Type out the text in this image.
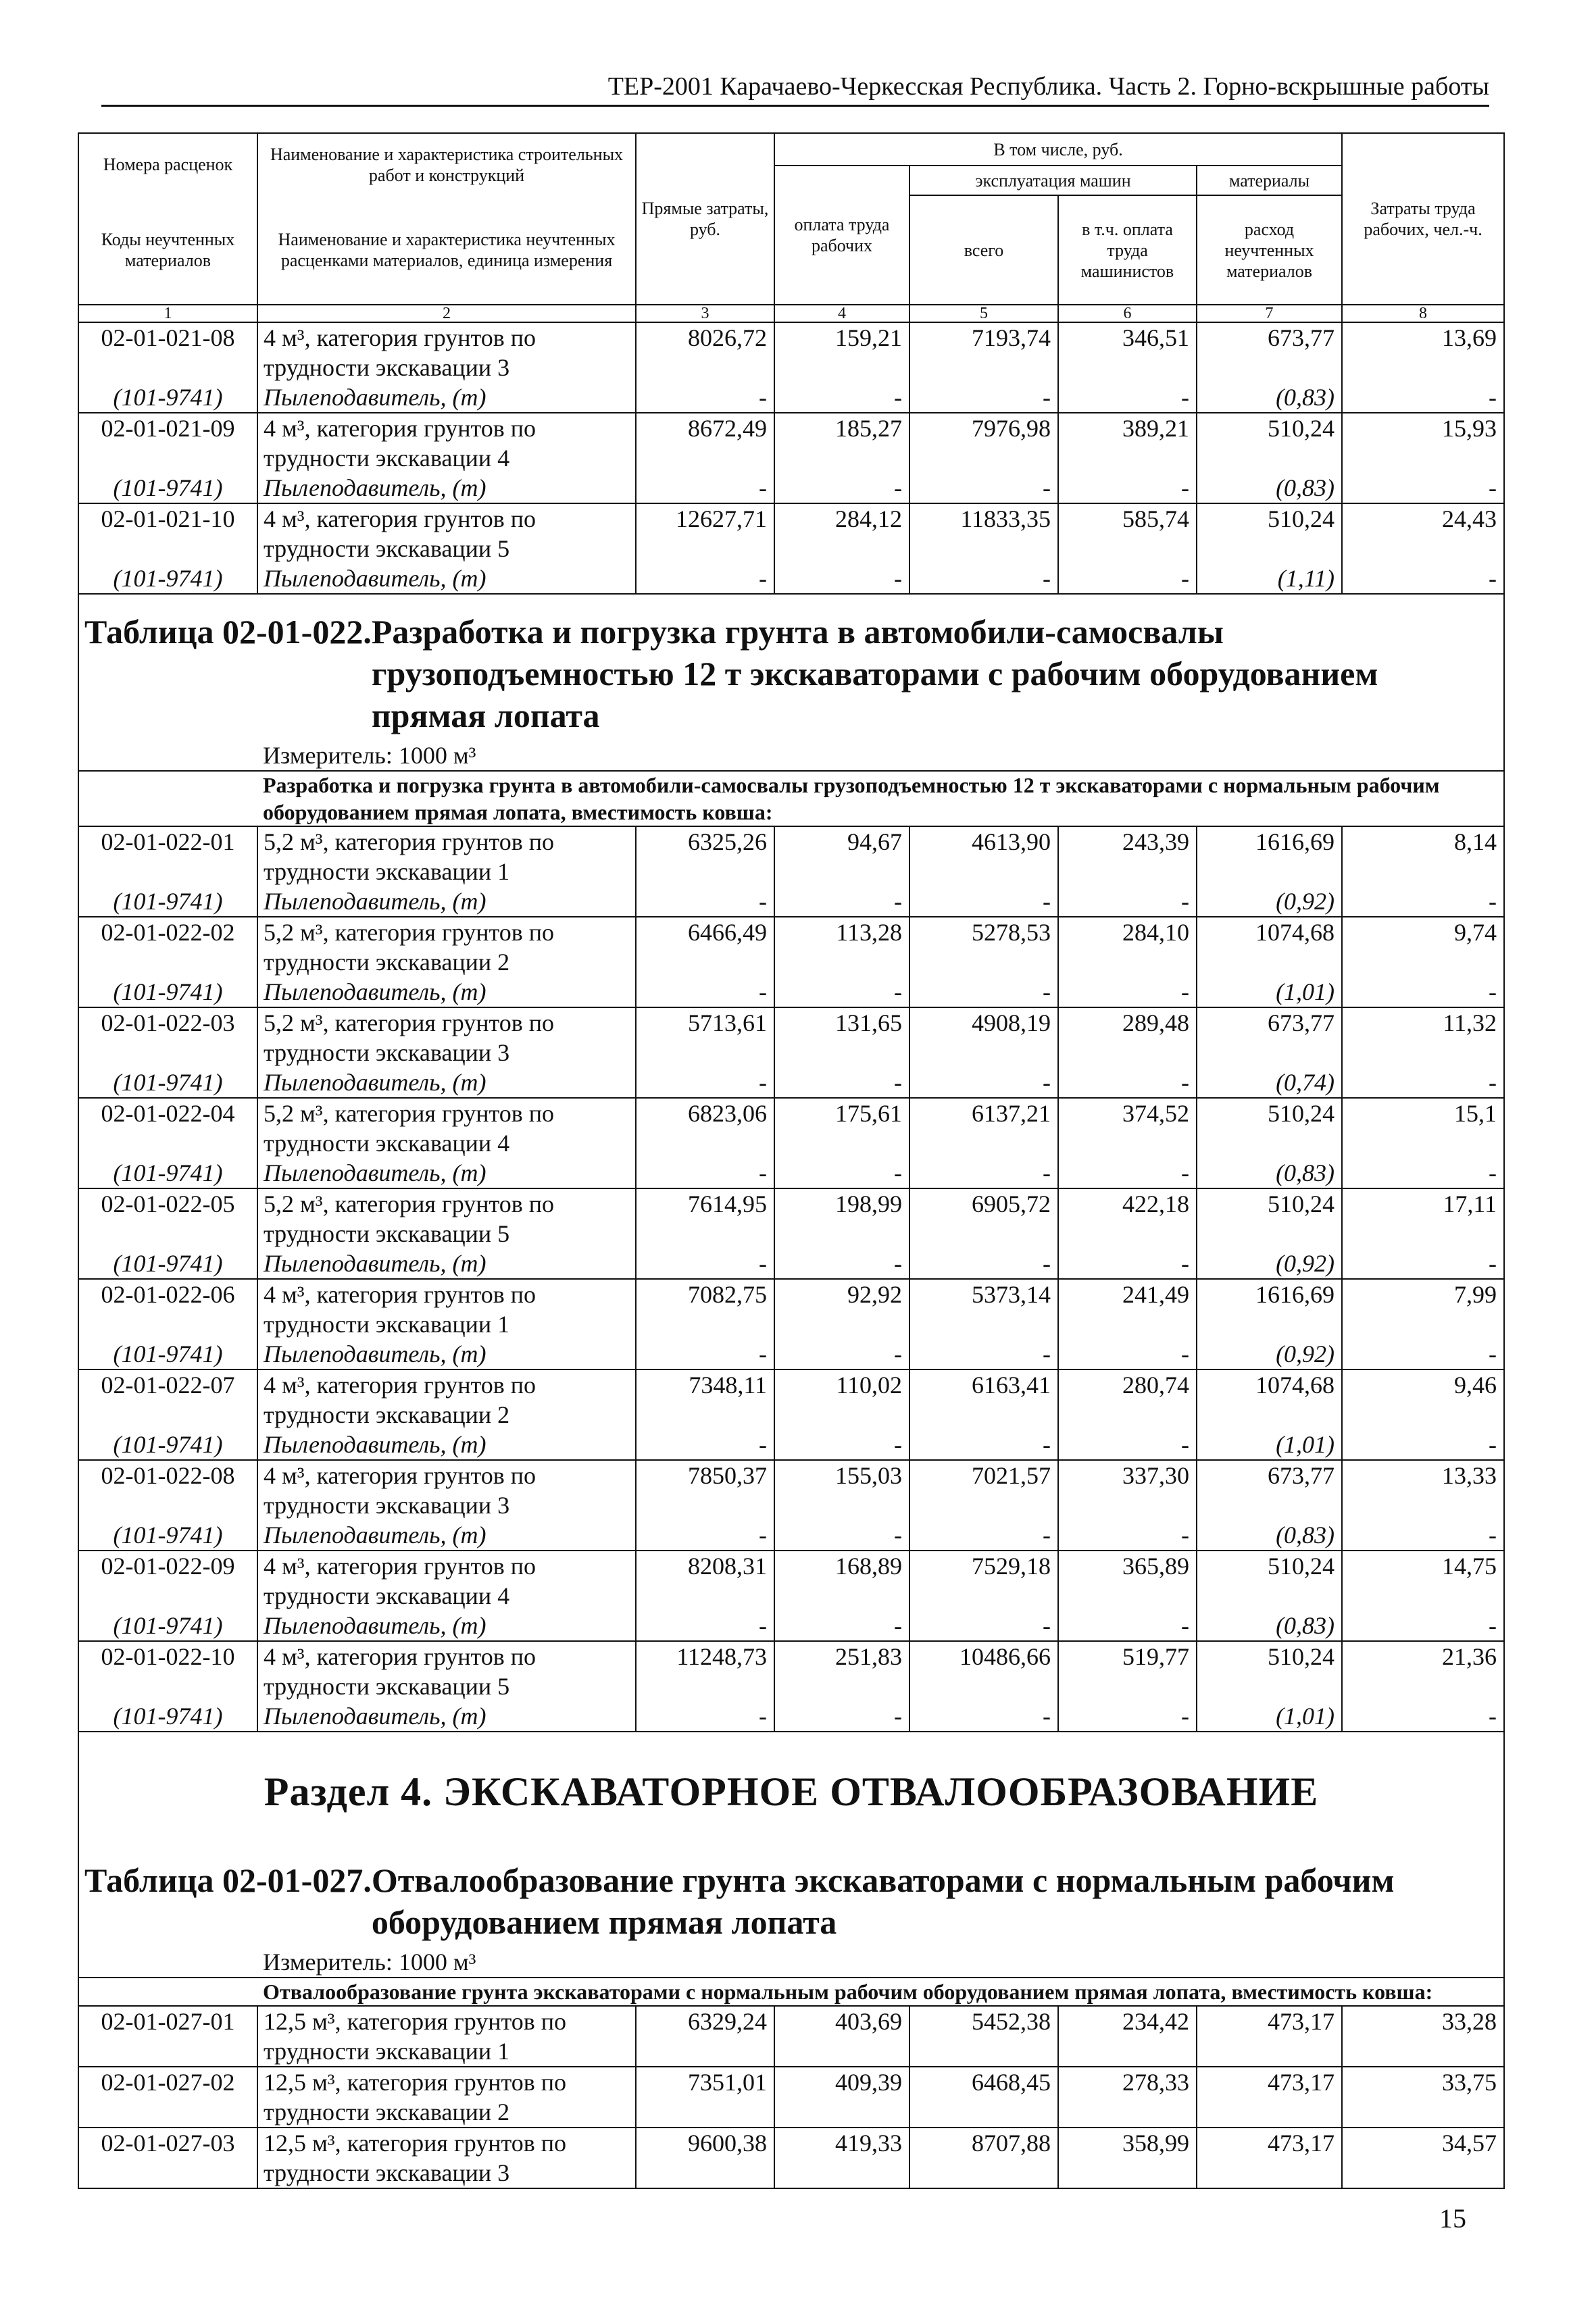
ТЕР-2001 Карачаево-Черкесская Республика. Часть 2. Горно-вскрышные работы
Номера расценок	Наименование и характеристика строительных работ и конструкций	Прямые затраты, руб.	В том числе, руб.				Затраты труда рабочих, чел.-ч.
			оплата труда рабочих	эксплуатация машин		материалы	
Коды неучтенных материалов	Наименование и характеристика неучтенных расценками материалов, единица измерения			всего	в т.ч. оплата труда машинистов	расход неучтенных материалов	

1	2	3	4	5	6	7	8
02-01-021-08	4 м³, категория грунтов по	8026,72	159,21	7193,74	346,51	673,77	13,69
	трудности экскавации 3						
(101-9741)	Пылеподавитель, (т)	-	-	-	-	(0,83)	-
02-01-021-09	4 м³, категория грунтов по	8672,49	185,27	7976,98	389,21	510,24	15,93
	трудности экскавации 4						
(101-9741)	Пылеподавитель, (т)	-	-	-	-	(0,83)	-
02-01-021-10	4 м³, категория грунтов по	12627,71	284,12	11833,35	585,74	510,24	24,43
	трудности экскавации 5						
(101-9741)	Пылеподавитель, (т)	-	-	-	-	(1,11)	-

Таблица 02-01-022. Разработка и погрузка грунта в автомобили-самосвалы грузоподъемностью 12 т экскаваторами с рабочим оборудованием прямая лопата							

	Измеритель: 1000 м³						
	Разработка и погрузка грунта в автомобили-самосвалы грузоподъемностью 12 т экскаваторами с нормальным рабочим оборудованием прямая лопата, вместимость ковша:						
02-01-022-01	5,2 м³, категория грунтов по	6325,26	94,67	4613,90	243,39	1616,69	8,14
	трудности экскавации 1						
(101-9741)	Пылеподавитель, (т)	-	-	-	-	(0,92)	-
02-01-022-02	5,2 м³, категория грунтов по	6466,49	113,28	5278,53	284,10	1074,68	9,74
	трудности экскавации 2						
(101-9741)	Пылеподавитель, (т)	-	-	-	-	(1,01)	-
02-01-022-03	5,2 м³, категория грунтов по	5713,61	131,65	4908,19	289,48	673,77	11,32
	трудности экскавации 3						
(101-9741)	Пылеподавитель, (т)	-	-	-	-	(0,74)	-
02-01-022-04	5,2 м³, категория грунтов по	6823,06	175,61	6137,21	374,52	510,24	15,1
	трудности экскавации 4						
(101-9741)	Пылеподавитель, (т)	-	-	-	-	(0,83)	-
02-01-022-05	5,2 м³, категория грунтов по	7614,95	198,99	6905,72	422,18	510,24	17,11
	трудности экскавации 5						
(101-9741)	Пылеподавитель, (т)	-	-	-	-	(0,92)	-
02-01-022-06	4 м³, категория грунтов по	7082,75	92,92	5373,14	241,49	1616,69	7,99
	трудности экскавации 1						
(101-9741)	Пылеподавитель, (т)	-	-	-	-	(0,92)	-
02-01-022-07	4 м³, категория грунтов по	7348,11	110,02	6163,41	280,74	1074,68	9,46
	трудности экскавации 2						
(101-9741)	Пылеподавитель, (т)	-	-	-	-	(1,01)	-
02-01-022-08	4 м³, категория грунтов по	7850,37	155,03	7021,57	337,30	673,77	13,33
	трудности экскавации 3						
(101-9741)	Пылеподавитель, (т)	-	-	-	-	(0,83)	-
02-01-022-09	4 м³, категория грунтов по	8208,31	168,89	7529,18	365,89	510,24	14,75
	трудности экскавации 4						
(101-9741)	Пылеподавитель, (т)	-	-	-	-	(0,83)	-
02-01-022-10	4 м³, категория грунтов по	11248,73	251,83	10486,66	519,77	510,24	21,36
	трудности экскавации 5						
(101-9741)	Пылеподавитель, (т)	-	-	-	-	(1,01)	-
Раздел 4. ЭКСКАВАТОРНОЕ ОТВАЛООБРАЗОВАНИЕ							

Таблица 02-01-027. Отвалообразование грунта экскаваторами с нормальным рабочим оборудованием прямая лопата							

	Измеритель: 1000 м³						
	Отвалообразование грунта экскаваторами с нормальным рабочим оборудованием прямая лопата, вместимость ковша:						
02-01-027-01	12,5 м³, категория грунтов по	6329,24	403,69	5452,38	234,42	473,17	33,28
	трудности экскавации 1						
02-01-027-02	12,5 м³, категория грунтов по	7351,01	409,39	6468,45	278,33	473,17	33,75
	трудности экскавации 2						
02-01-027-03	12,5 м³, категория грунтов по	9600,38	419,33	8707,88	358,99	473,17	34,57
	трудности экскавации 3						
15
